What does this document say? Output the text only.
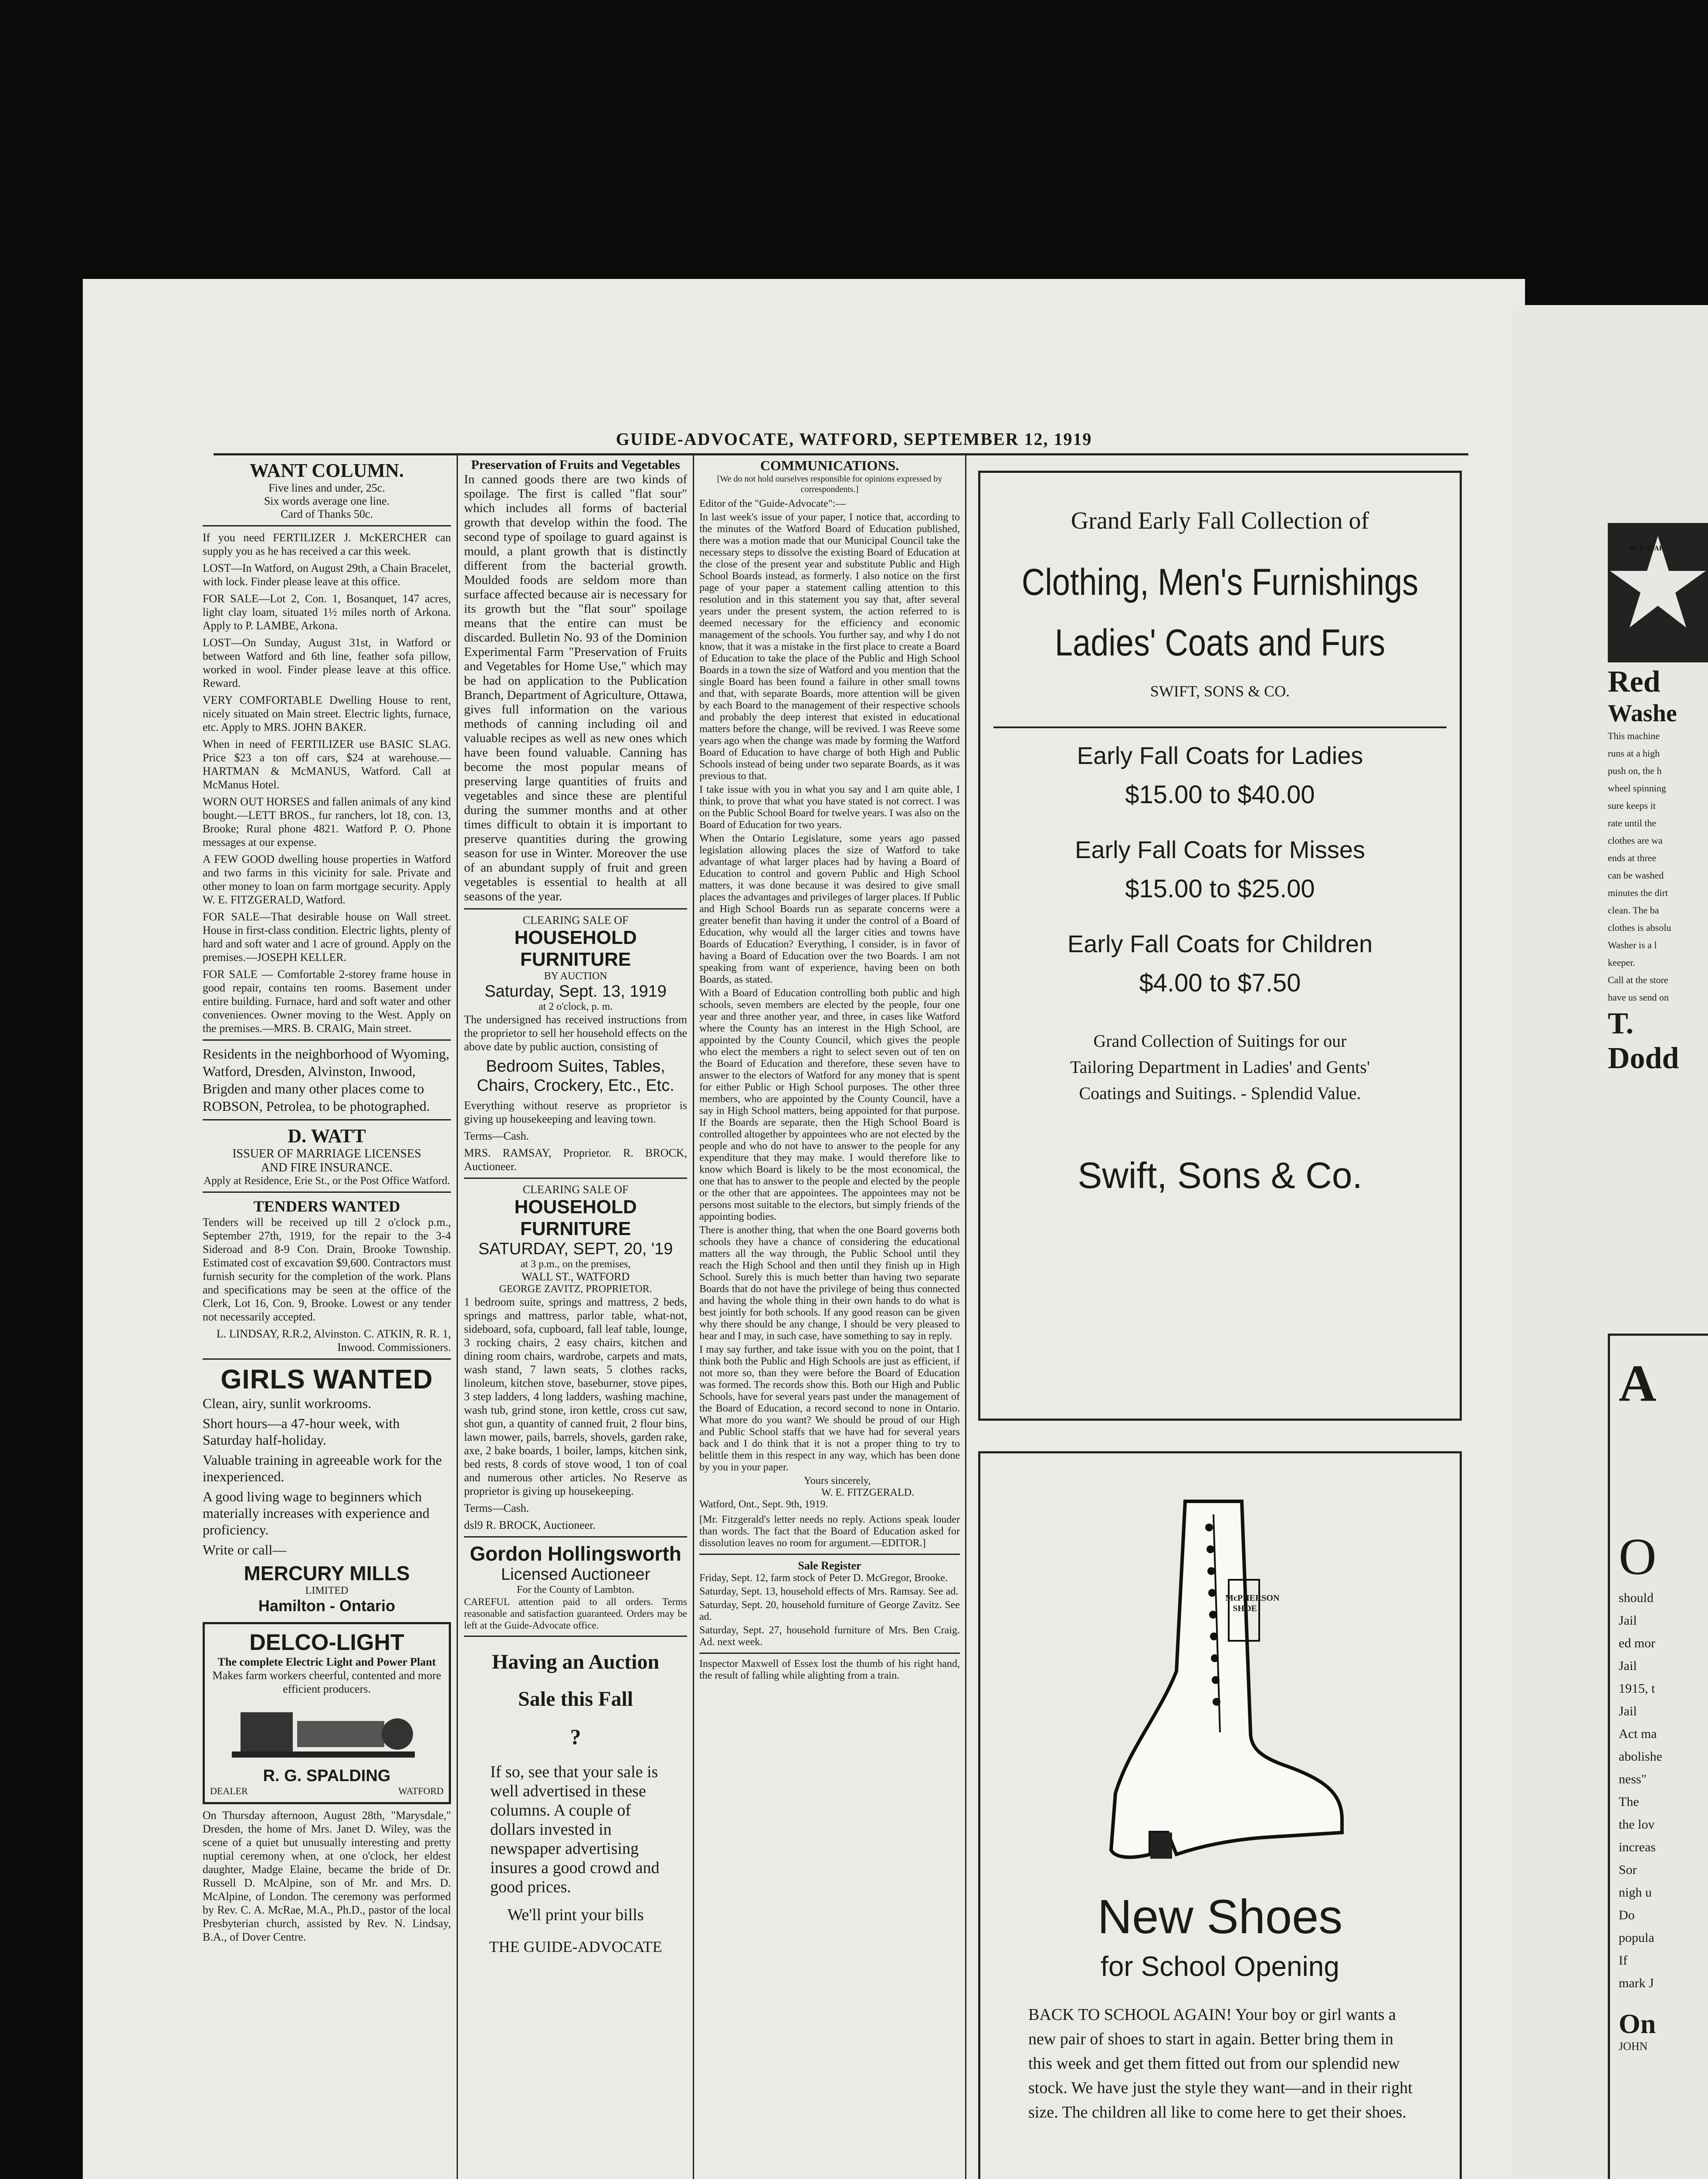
GUIDE-ADVOCATE, WATFORD, SEPTEMBER 12, 1919
WANT COLUMN.
Five lines and under, 25c.
Six words average one line.
Card of Thanks 50c.

If you need FERTILIZER J. McKERCHER can supply you as he has received a car this week.

LOST—In Watford, on August 29th, a Chain Bracelet, with lock. Finder please leave at this office.

FOR SALE—Lot 2, Con. 1, Bosanquet, 147 acres, light clay loam, situated 1½ miles north of Arkona. Apply to P. LAMBE, Arkona.

LOST—On Sunday, August 31st, in Watford or between Watford and 6th line, feather sofa pillow, worked in wool. Finder please leave at this office. Reward.

VERY COMFORTABLE Dwelling House to rent, nicely situated on Main street. Electric lights, furnace, etc. Apply to MRS. JOHN BAKER.

When in need of FERTILIZER use BASIC SLAG. Price $23 a ton off cars, $24 at warehouse.—HARTMAN & McMANUS, Watford. Call at McManus Hotel.

WORN OUT HORSES and fallen animals of any kind bought.—LETT BROS., fur ranchers, lot 18, con. 13, Brooke; Rural phone 4821. Watford P. O. Phone messages at our expense.

A FEW GOOD dwelling house properties in Watford and two farms in this vicinity for sale. Private and other money to loan on farm mortgage security. Apply W. E. FITZGERALD, Watford.

FOR SALE—That desirable house on Wall street. House in first-class condition. Electric lights, plenty of hard and soft water and 1 acre of ground. Apply on the premises.—JOSEPH KELLER.

FOR SALE — Comfortable 2-storey frame house in good repair, contains ten rooms. Basement under entire building. Furnace, hard and soft water and other conveniences. Owner moving to the West. Apply on the premises.—MRS. B. CRAIG, Main street.

Residents in the neighborhood of Wyoming, Watford, Dresden, Alvinston, Inwood, Brigden and many other places come to ROBSON, Petrolea, to be photographed.

D. WATT
ISSUER OF MARRIAGE LICENSES
AND FIRE INSURANCE.
Apply at Residence, Erie St., or the Post Office Watford.
TENDERS WANTED

Tenders will be received up till 2 o'clock p.m., September 27th, 1919, for the repair to the 3-4 Sideroad and 8-9 Con. Drain, Brooke Township. Estimated cost of excavation $9,600. Contractors must furnish security for the completion of the work. Plans and specifications may be seen at the office of the Clerk, Lot 16, Con. 9, Brooke. Lowest or any tender not necessarily accepted.

L. LINDSAY, R.R.2, Alvinston. C. ATKIN, R. R. 1, Inwood. Commissioners.

GIRLS WANTED

Clean, airy, sunlit workrooms.

Short hours—a 47-hour week, with Saturday half-holiday.

Valuable training in agreeable work for the inexperienced.

A good living wage to beginners which materially increases with experience and proficiency.

Write or call—

MERCURY MILLS
LIMITED
Hamilton - Ontario
DELCO-LIGHT
The complete Electric Light and Power Plant

Makes farm workers cheerful, contented and more efficient producers.

R. G. SPALDING
DEALER	WATFORD

On Thursday afternoon, August 28th, "Marysdale," Dresden, the home of Mrs. Janet D. Wiley, was the scene of a quiet but unusually interesting and pretty nuptial ceremony when, at one o'clock, her eldest daughter, Madge Elaine, became the bride of Dr. Russell D. McAlpine, son of Mr. and Mrs. D. McAlpine, of London. The ceremony was performed by Rev. C. A. McRae, M.A., Ph.D., pastor of the local Presbyterian church, assisted by Rev. N. Lindsay, B.A., of Dover Centre.

Preservation of Fruits and Vegetables

In canned goods there are two kinds of spoilage. The first is called "flat sour" which includes all forms of bacterial growth that develop within the food. The second type of spoilage to guard against is mould, a plant growth that is distinctly different from the bacterial growth. Moulded foods are seldom more than surface affected because air is necessary for its growth but the "flat sour" spoilage means that the entire can must be discarded. Bulletin No. 93 of the Dominion Experimental Farm "Preservation of Fruits and Vegetables for Home Use," which may be had on application to the Publication Branch, Department of Agriculture, Ottawa, gives full information on the various methods of canning including oil and valuable recipes as well as new ones which have been found valuable. Canning has become the most popular means of preserving large quantities of fruits and vegetables and since these are plentiful during the summer months and at other times difficult to obtain it is important to preserve quantities during the growing season for use in Winter. Moreover the use of an abundant supply of fruit and green vegetables is essential to health at all seasons of the year.

CLEARING SALE OF
HOUSEHOLD FURNITURE
BY AUCTION
Saturday, Sept. 13, 1919
at 2 o'clock, p. m.

The undersigned has received instructions from the proprietor to sell her household effects on the above date by public auction, consisting of

Bedroom Suites, Tables, Chairs, Crockery, Etc., Etc.

Everything without reserve as proprietor is giving up housekeeping and leaving town.

Terms—Cash.

MRS. RAMSAY, Proprietor. R. BROCK, Auctioneer.

CLEARING SALE OF
HOUSEHOLD FURNITURE
SATURDAY, SEPT, 20, '19
at 3 p.m., on the premises,
WALL ST., WATFORD
GEORGE ZAVITZ, PROPRIETOR.

1 bedroom suite, springs and mattress, 2 beds, springs and mattress, parlor table, what-not, sideboard, sofa, cupboard, fall leaf table, lounge, 3 rocking chairs, 2 easy chairs, kitchen and dining room chairs, wardrobe, carpets and mats, wash stand, 7 lawn seats, 5 clothes racks, linoleum, kitchen stove, baseburner, stove pipes, 3 step ladders, 4 long ladders, washing machine, wash tub, grind stone, iron kettle, cross cut saw, shot gun, a quantity of canned fruit, 2 flour bins, lawn mower, pails, barrels, shovels, garden rake, axe, 2 bake boards, 1 boiler, lamps, kitchen sink, bed rests, 8 cords of stove wood, 1 ton of coal and numerous other articles. No Reserve as proprietor is giving up housekeeping.

Terms—Cash.

dsl9 R. BROCK, Auctioneer.

Gordon Hollingsworth
Licensed Auctioneer
For the County of Lambton.

CAREFUL attention paid to all orders. Terms reasonable and satisfaction guaranteed. Orders may be left at the Guide-Advocate office.

Having an Auction
Sale this Fall
?

If so, see that your sale is well advertised in these columns. A couple of dollars invested in newspaper advertising insures a good crowd and good prices.

We'll print your bills
THE GUIDE-ADVOCATE
COMMUNICATIONS.

[We do not hold ourselves responsible for opinions expressed by correspondents.]

Editor of the "Guide-Advocate":—

In last week's issue of your paper, I notice that, according to the minutes of the Watford Board of Education published, there was a motion made that our Municipal Council take the necessary steps to dissolve the existing Board of Education at the close of the present year and substitute Public and High School Boards instead, as formerly. I also notice on the first page of your paper a statement calling attention to this resolution and in this statement you say that, after several years under the present system, the action referred to is deemed necessary for the efficiency and economic management of the schools. You further say, and why I do not know, that it was a mistake in the first place to create a Board of Education to take the place of the Public and High School Boards in a town the size of Watford and you mention that the single Board has been found a failure in other small towns and that, with separate Boards, more attention will be given by each Board to the management of their respective schools and probably the deep interest that existed in educational matters before the change, will be revived. I was Reeve some years ago when the change was made by forming the Watford Board of Education to have charge of both High and Public Schools instead of being under two separate Boards, as it was previous to that.

I take issue with you in what you say and I am quite able, I think, to prove that what you have stated is not correct. I was on the Public School Board for twelve years. I was also on the Board of Education for two years.

When the Ontario Legislature, some years ago passed legislation allowing places the size of Watford to take advantage of what larger places had by having a Board of Education to control and govern Public and High School matters, it was done because it was desired to give small places the advantages and privileges of larger places. If Public and High School Boards run as separate concerns were a greater benefit than having it under the control of a Board of Education, why would all the larger cities and towns have Boards of Education? Everything, I consider, is in favor of having a Board of Education over the two Boards. I am not speaking from want of experience, having been on both Boards, as stated.

With a Board of Education controlling both public and high schools, seven members are elected by the people, four one year and three another year, and three, in cases like Watford where the County has an interest in the High School, are appointed by the County Council, which gives the people who elect the members a right to select seven out of ten on the Board of Education and therefore, these seven have to answer to the electors of Watford for any money that is spent for either Public or High School purposes. The other three members, who are appointed by the County Council, have a say in High School matters, being appointed for that purpose. If the Boards are separate, then the High School Board is controlled altogether by appointees who are not elected by the people and who do not have to answer to the people for any expenditure that they may make. I would therefore like to know which Board is likely to be the most economical, the one that has to answer to the people and elected by the people or the other that are appointees. The appointees may not be persons most suitable to the electors, but simply friends of the appointing bodies.

There is another thing, that when the one Board governs both schools they have a chance of considering the educational matters all the way through, the Public School until they reach the High School and then until they finish up in High School. Surely this is much better than having two separate Boards that do not have the privilege of being thus connected and having the whole thing in their own hands to do what is best jointly for both schools. If any good reason can be given why there should be any change, I should be very pleased to hear and I may, in such case, have something to say in reply.

I may say further, and take issue with you on the point, that I think both the Public and High Schools are just as efficient, if not more so, than they were before the Board of Education was formed. The records show this. Both our High and Public Schools, have for several years past under the management of the Board of Education, a record second to none in Ontario. What more do you want? We should be proud of our High and Public School staffs that we have had for several years back and I do think that it is not a proper thing to try to belittle them in this respect in any way, which has been done by you in your paper.

Yours sincerely,
W. E. FITZGERALD.
Watford, Ont., Sept. 9th, 1919.

[Mr. Fitzgerald's letter needs no reply. Actions speak louder than words. The fact that the Board of Education asked for dissolution leaves no room for argument.—EDITOR.]

Sale Register

Friday, Sept. 12, farm stock of Peter D. McGregor, Brooke.

Saturday, Sept. 13, household effects of Mrs. Ramsay. See ad.

Saturday, Sept. 20, household furniture of George Zavitz. See ad.

Saturday, Sept. 27, household furniture of Mrs. Ben Craig. Ad. next week.

Inspector Maxwell of Essex lost the thumb of his right hand, the result of falling while alighting from a train.

Grand Early Fall Collection of
Clothing, Men's Furnishings
Ladies' Coats and Furs
SWIFT, SONS & CO.
Early Fall Coats for Ladies
$15.00 to $40.00
Early Fall Coats for Misses
$15.00 to $25.00
Early Fall Coats for Children
$4.00 to $7.50
Grand Collection of Suitings for our Tailoring Department in Ladies' and Gents' Coatings and Suitings. - Splendid Value.
Swift, Sons & Co.
McPHERSON SHOE
New Shoes
for School Opening
BACK TO SCHOOL AGAIN! Your boy or girl wants a new pair of shoes to start in again. Better bring them in this week and get them fitted out from our splendid new stock. We have just the style they want—and in their right size. The children all like to come here to get their shoes.
RED STAR
Red
Washe
This machine
runs at a high
push on, the h
wheel spinning
sure keeps it
rate until the
clothes are wa
ends at three
can be washed
minutes the dirt
clean. The ba
clothes is absolu
Washer is a l
keeper.
Call at the store
have us send on
T. Dodd
A
O
should
Jail
ed mor
Jail
1915, t
Jail
Act ma
abolishe
ness"
The
the lov
increas
Sor
nigh u
Do
popula
If
mark J
On
JOHN
